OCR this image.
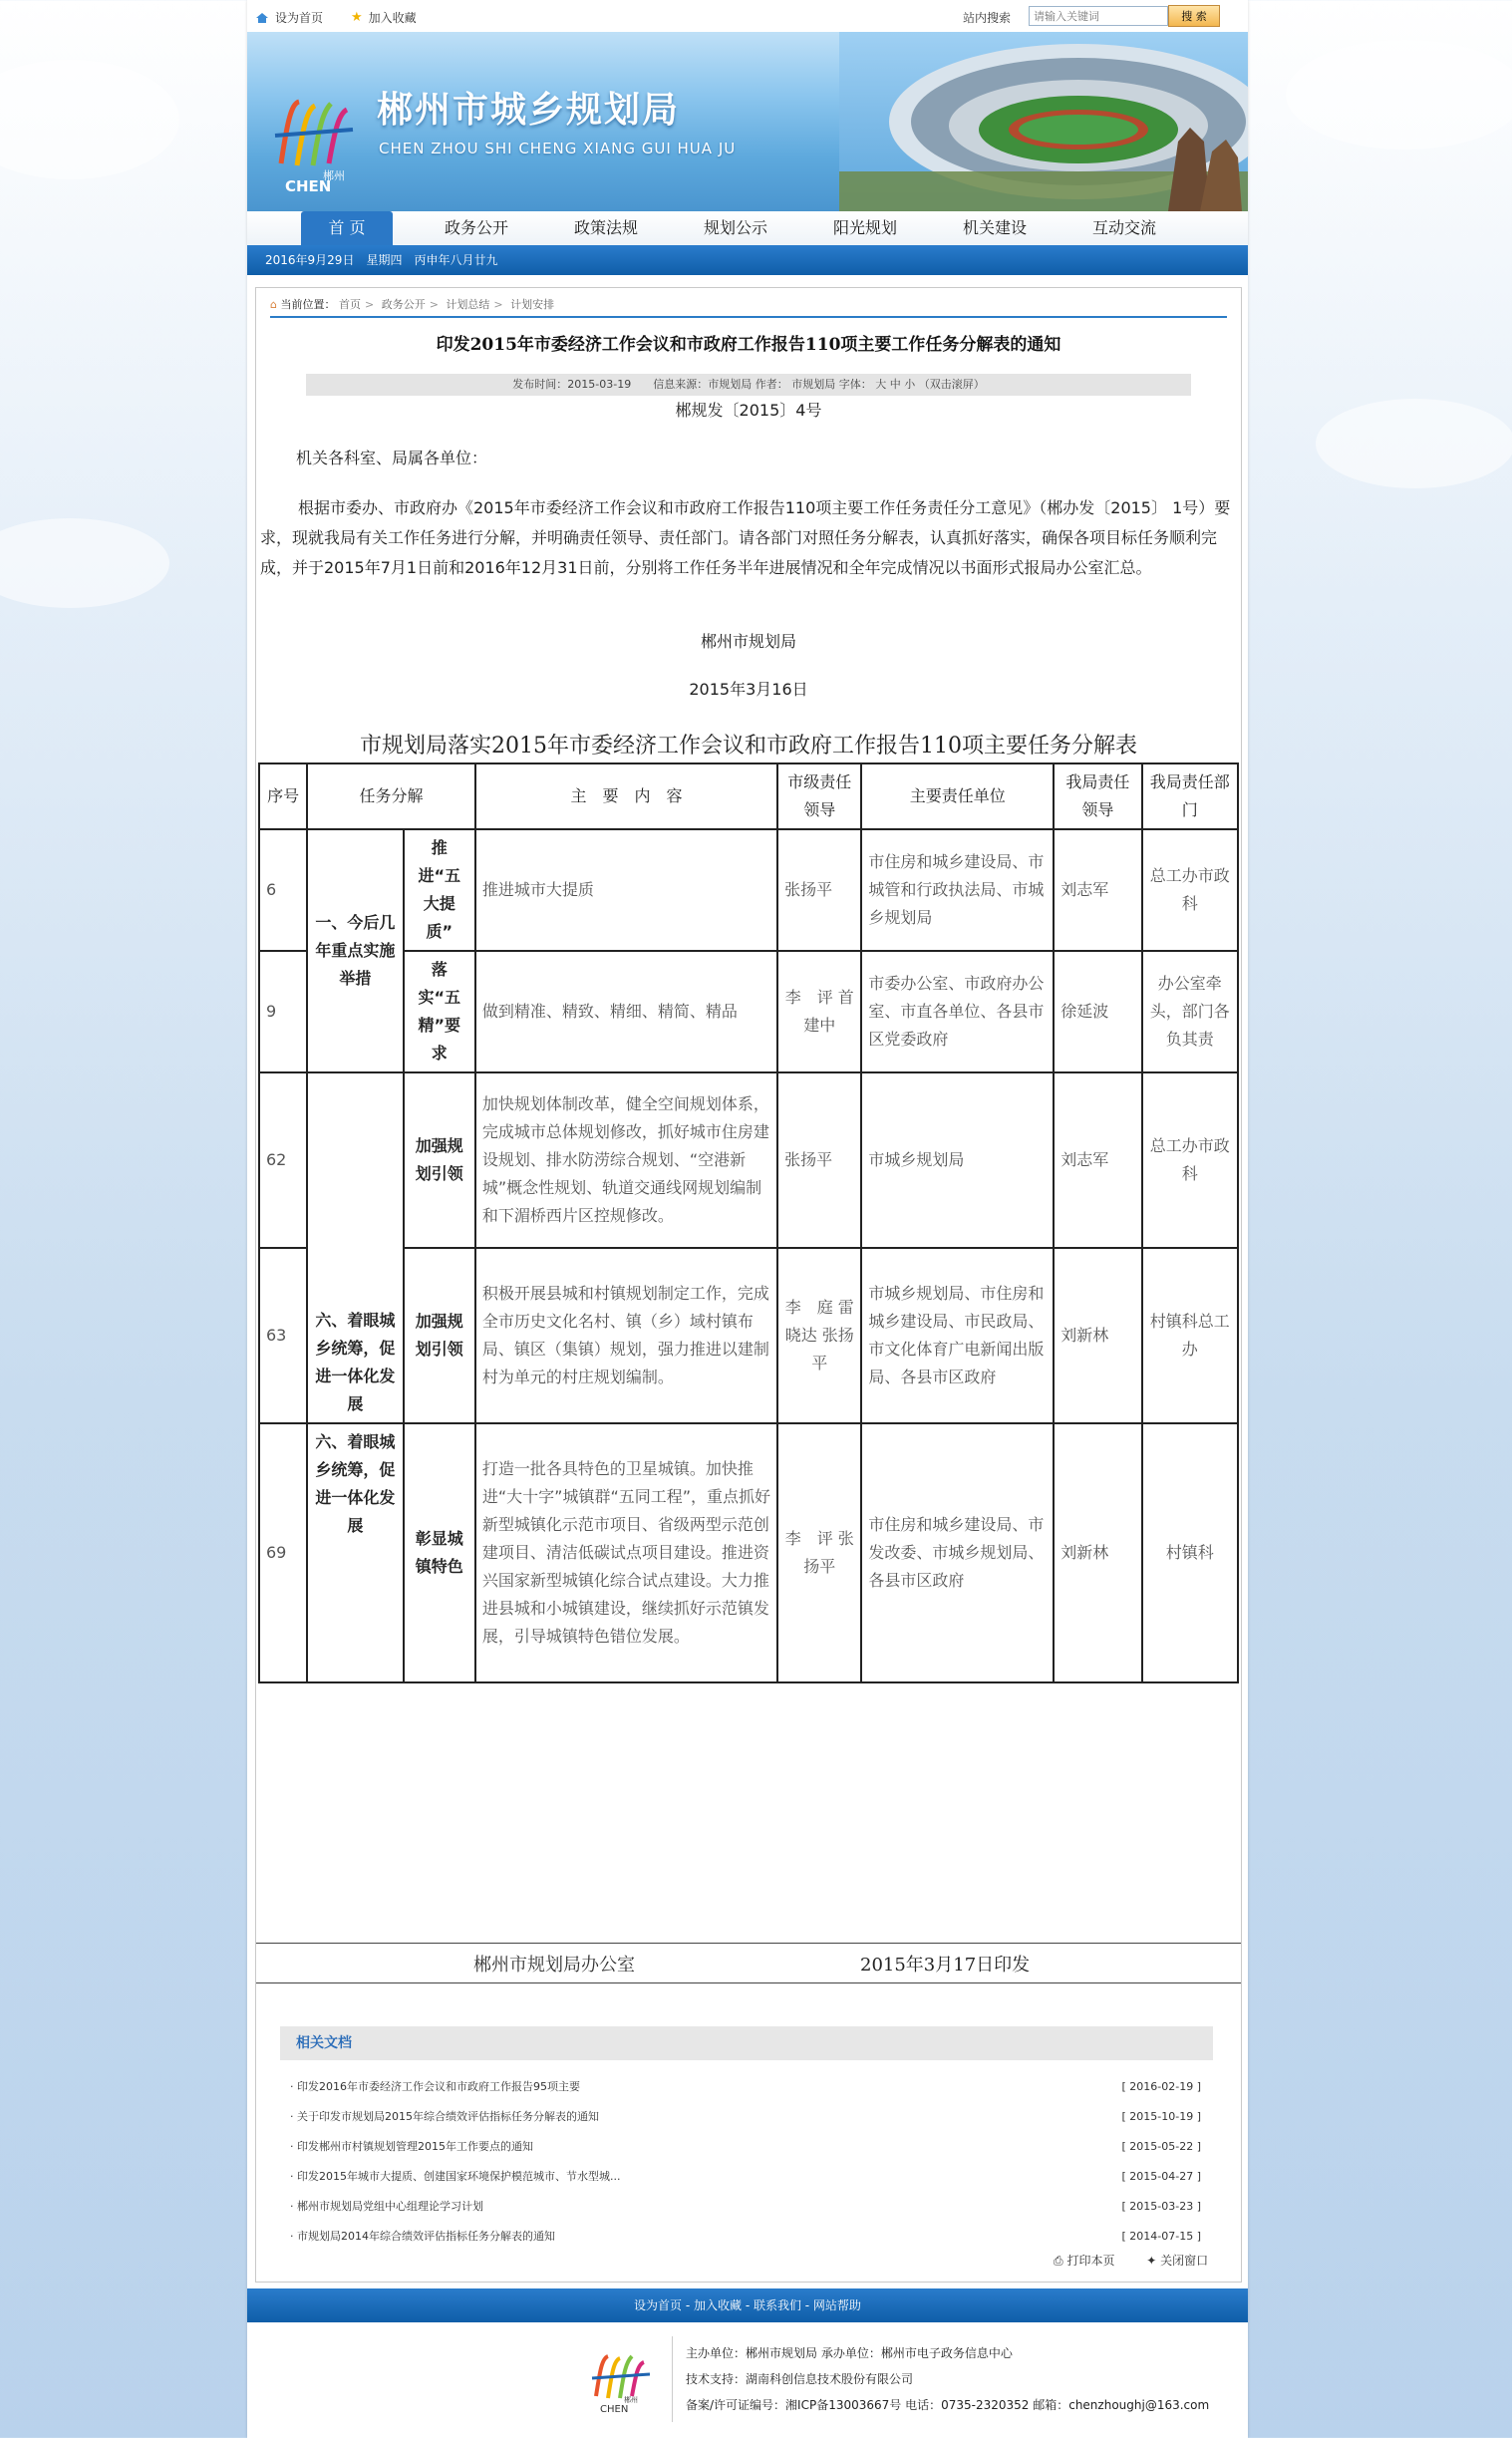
设为首页 ★ 加入收藏	站内搜索
请输入关键词	搜 索
郴州
CHEN
郴州市城乡规划局
CHEN ZHOU SHI CHENG XIANG GUI HUA JU
首 页	政务公开	政策法规	规划公示	阳光规划	机关建设	互动交流
2016年9月29日　星期四　丙申年八月廿九
⌂ 当前位置： 首页 > 政务公开 > 计划总结 > 计划安排
印发2015年市委经济工作会议和市政府工作报告110项主要工作任务分解表的通知
发布时间：2015-03-19　　信息来源：市规划局 作者： 市规划局 字体： 大 中 小 （双击滚屏）
郴规发〔2015〕4号
机关各科室、局属各单位：
根据市委办、市政府办《2015年市委经济工作会议和市政府工作报告110项主要工作任务责任分工意见》（郴办发〔2015〕 1号）要求，现就我局有关工作任务进行分解，并明确责任领导、责任部门。请各部门对照任务分解表，认真抓好落实，确保各项目标任务顺利完成，并于2015年7月1日前和2016年12月31日前，分别将工作任务半年进展情况和全年完成情况以书面形式报局办公室汇总。
郴州市规划局
2015年3月16日
市规划局落实2015年市委经济工作会议和市政府工作报告110项主要任务分解表
序号	任务分解		主　要　内　容	市级责任领导	主要责任单位	我局责任领导	我局责任部门
6	一、今后几年重点实施举措	推进“五大提质”	推进城市大提质	张扬平	市住房和城乡建设局、市城管和行政执法局、市城乡规划局	刘志军	总工办市政科
9		落实“五精”要求	做到精准、精致、精细、精简、精品	李　评 首建中	市委办公室、市政府办公室、市直各单位、各县市区党委政府	徐延波	办公室牵头，部门各负其责
62	六、着眼城乡统筹，促进一体化发展	加强规划引领	加快规划体制改革，健全空间规划体系，完成城市总体规划修改，抓好城市住房建设规划、排水防涝综合规划、“空港新城”概念性规划、轨道交通线网规划编制和下湄桥西片区控规修改。	张扬平	市城乡规划局	刘志军	总工办市政科
63		加强规划引领	积极开展县城和村镇规划制定工作，完成全市历史文化名村、镇（乡）域村镇布局、镇区（集镇）规划，强力推进以建制村为单元的村庄规划编制。	李　庭 雷晓达 张扬平	市城乡规划局、市住房和城乡建设局、市民政局、市文化体育广电新闻出版局、各县市区政府	刘新林	村镇科总工办
69	六、着眼城乡统筹，促进一体化发展	彰显城镇特色	打造一批各具特色的卫星城镇。加快推进“大十字”城镇群“五同工程”，重点抓好新型城镇化示范市项目、省级两型示范创建项目、清洁低碳试点项目建设。推进资兴国家新型城镇化综合试点建设。大力推进县城和小城镇建设，继续抓好示范镇发展，引导城镇特色错位发展。	李　评 张扬平	市住房和城乡建设局、市发改委、市城乡规划局、各县市区政府	刘新林	村镇科
郴州市规划局办公室	2015年3月17日印发
相关文档
· 印发2016年市委经济工作会议和市政府工作报告95项主要	[ 2016-02-19 ]
· 关于印发市规划局2015年综合绩效评估指标任务分解表的通知	[ 2015-10-19 ]
· 印发郴州市村镇规划管理2015年工作要点的通知	[ 2015-05-22 ]
· 印发2015年城市大提质、创建国家环境保护模范城市、节水型城...	[ 2015-04-27 ]
· 郴州市规划局党组中心组理论学习计划	[ 2015-03-23 ]
· 市规划局2014年综合绩效评估指标任务分解表的通知	[ 2014-07-15 ]
⎙ 打印本页	✦ 关闭窗口
设为首页 - 加入收藏 - 联系我们 - 网站帮助
郴州
CHEN
主办单位：郴州市规划局 承办单位：郴州市电子政务信息中心
技术支持：湖南科创信息技术股份有限公司
备案/许可证编号：湘ICP备13003667号 电话：0735-2320352 邮箱：chenzhoughj@163.com
